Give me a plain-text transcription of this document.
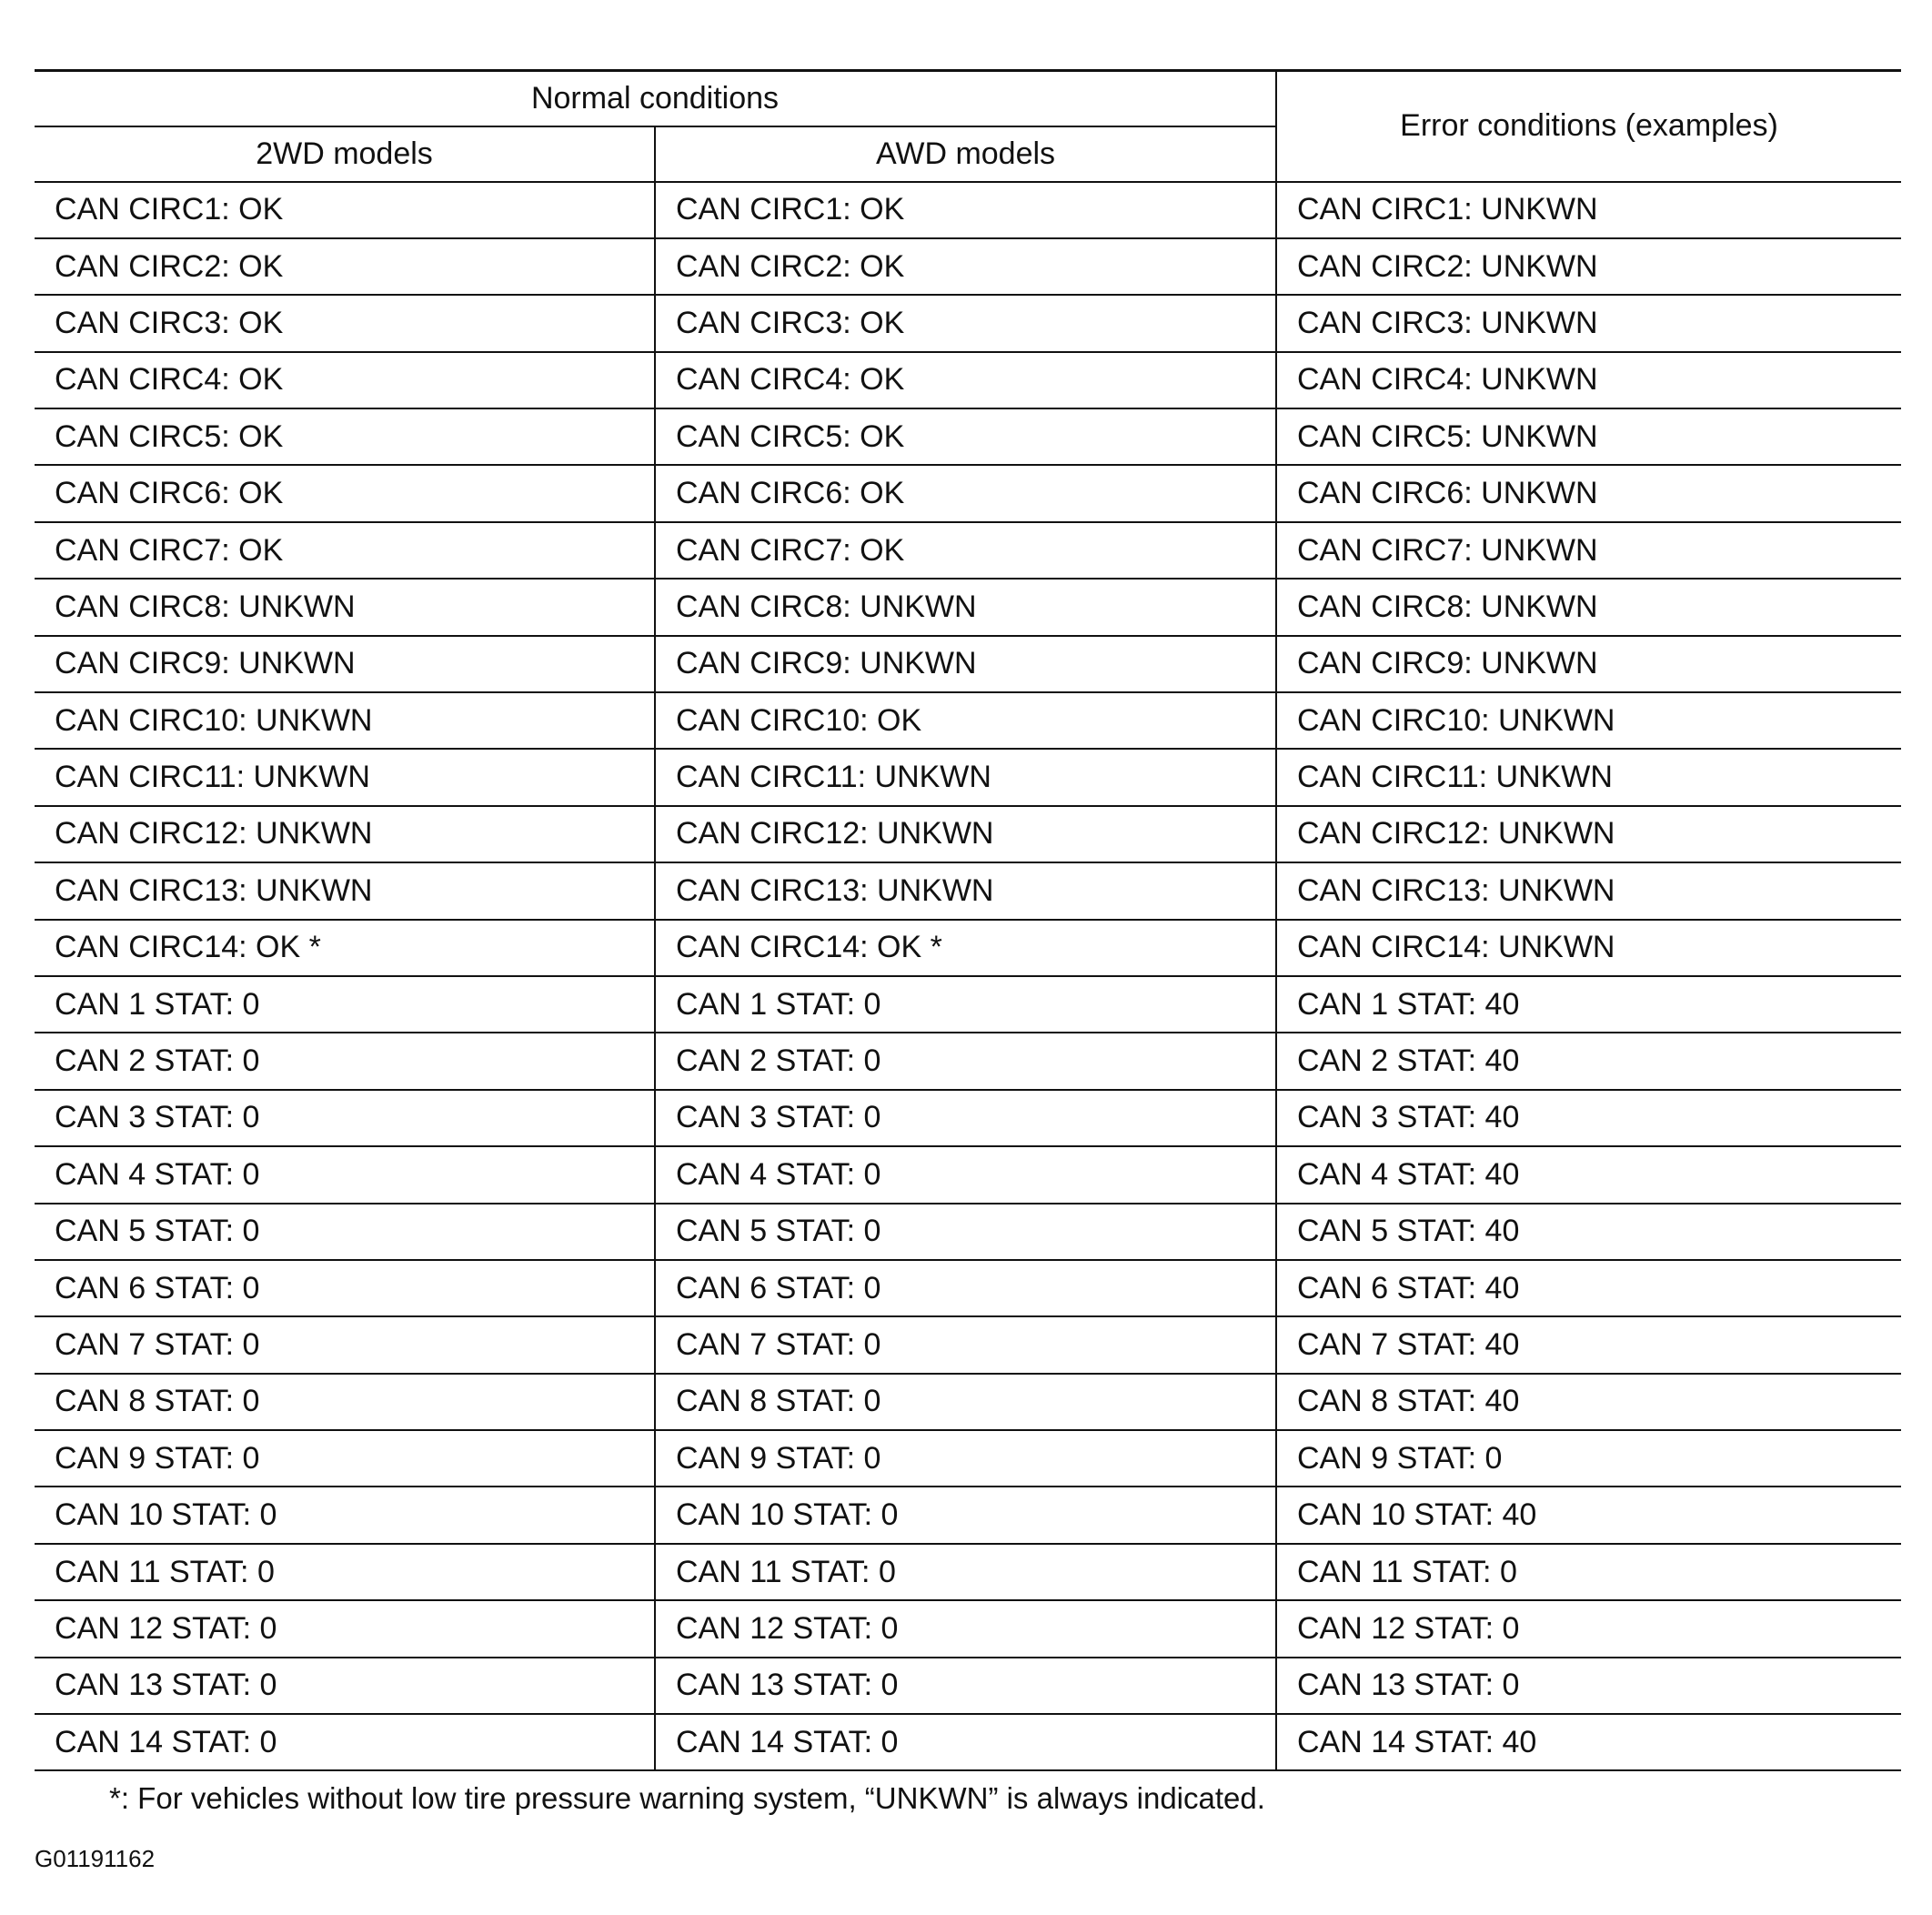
Normal conditions		Error conditions (examples)
2WD models	AWD models	
CAN CIRC1: OK	CAN CIRC1: OK	CAN CIRC1: UNKWN
CAN CIRC2: OK	CAN CIRC2: OK	CAN CIRC2: UNKWN
CAN CIRC3: OK	CAN CIRC3: OK	CAN CIRC3: UNKWN
CAN CIRC4: OK	CAN CIRC4: OK	CAN CIRC4: UNKWN
CAN CIRC5: OK	CAN CIRC5: OK	CAN CIRC5: UNKWN
CAN CIRC6: OK	CAN CIRC6: OK	CAN CIRC6: UNKWN
CAN CIRC7: OK	CAN CIRC7: OK	CAN CIRC7: UNKWN
CAN CIRC8: UNKWN	CAN CIRC8: UNKWN	CAN CIRC8: UNKWN
CAN CIRC9: UNKWN	CAN CIRC9: UNKWN	CAN CIRC9: UNKWN
CAN CIRC10: UNKWN	CAN CIRC10: OK	CAN CIRC10: UNKWN
CAN CIRC11: UNKWN	CAN CIRC11: UNKWN	CAN CIRC11: UNKWN
CAN CIRC12: UNKWN	CAN CIRC12: UNKWN	CAN CIRC12: UNKWN
CAN CIRC13: UNKWN	CAN CIRC13: UNKWN	CAN CIRC13: UNKWN
CAN CIRC14: OK *	CAN CIRC14: OK *	CAN CIRC14: UNKWN
CAN 1 STAT: 0	CAN 1 STAT: 0	CAN 1 STAT: 40
CAN 2 STAT: 0	CAN 2 STAT: 0	CAN 2 STAT: 40
CAN 3 STAT: 0	CAN 3 STAT: 0	CAN 3 STAT: 40
CAN 4 STAT: 0	CAN 4 STAT: 0	CAN 4 STAT: 40
CAN 5 STAT: 0	CAN 5 STAT: 0	CAN 5 STAT: 40
CAN 6 STAT: 0	CAN 6 STAT: 0	CAN 6 STAT: 40
CAN 7 STAT: 0	CAN 7 STAT: 0	CAN 7 STAT: 40
CAN 8 STAT: 0	CAN 8 STAT: 0	CAN 8 STAT: 40
CAN 9 STAT: 0	CAN 9 STAT: 0	CAN 9 STAT: 0
CAN 10 STAT: 0	CAN 10 STAT: 0	CAN 10 STAT: 40
CAN 11 STAT: 0	CAN 11 STAT: 0	CAN 11 STAT: 0
CAN 12 STAT: 0	CAN 12 STAT: 0	CAN 12 STAT: 0
CAN 13 STAT: 0	CAN 13 STAT: 0	CAN 13 STAT: 0
CAN 14 STAT: 0	CAN 14 STAT: 0	CAN 14 STAT: 40
*: For vehicles without low tire pressure warning system, “UNKWN” is always indicated.
G01191162
